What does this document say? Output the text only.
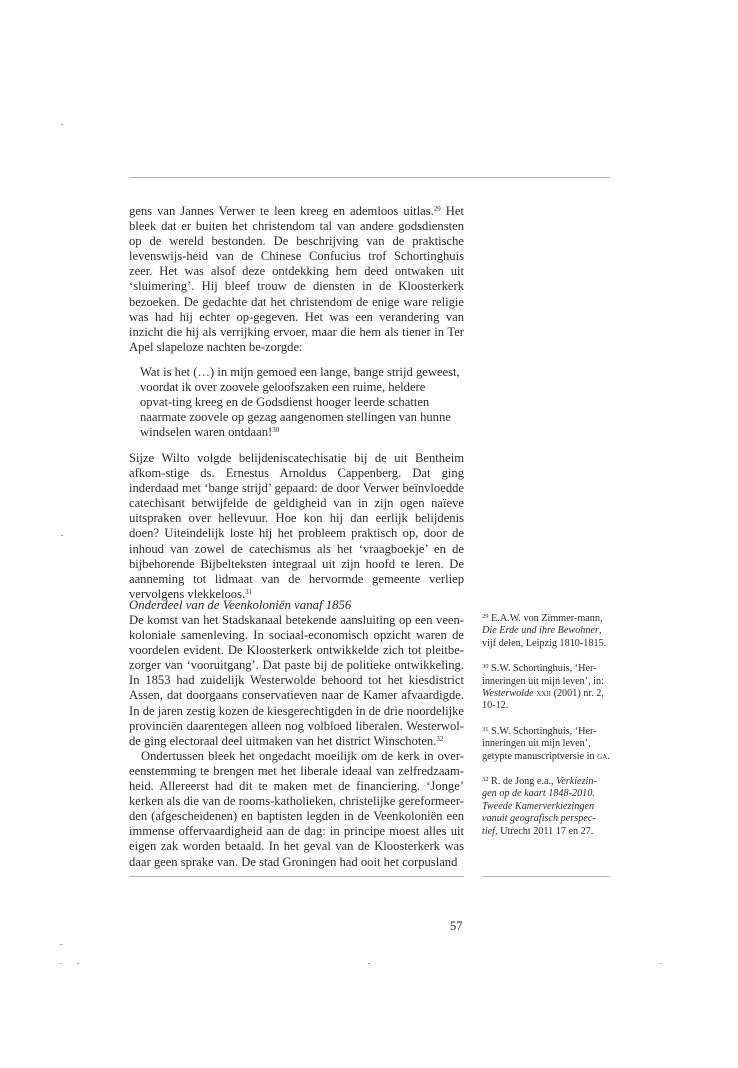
gens van Jannes Verwer te leen kreeg en ademloos uitlas.$^{29}$ Het bleek dat er buiten het christendom tal van andere godsdiensten op de wereld bestonden. De beschrijving van de praktische levenswijs-heid van de Chinese Confucius trof Schortinghuis zeer. Het was alsof deze ontdekking hem deed ontwaken uit ‘sluimering’. Hij bleef trouw de diensten in de Kloosterkerk bezoeken. De gedachte dat het christendom de enige ware religie was had hij echter op-gegeven. Het was een verandering van inzicht die hij als verrijking ervoer, maar die hem als tiener in Ter Apel slapeloze nachten be-zorgde:

Wat is het (…) in mijn gemoed een lange, bange strijd geweest, voordat ik over zoovele geloofszaken een ruime, heldere opvat-ting kreeg en de Godsdienst hooger leerde schatten naarmate zoovele op gezag aangenomen stellingen van hunne windselen waren ontdaan!$^{30}$

Sijze Wilto volgde belijdeniscatechisatie bij de uit Bentheim afkom-stige ds. Ernestus Arnoldus Cappenberg. Dat ging inderdaad met ‘bange strijd’ gepaard: de door Verwer beïnvloedde catechisant betwijfelde de geldigheid van in zijn ogen naïeve uitspraken over hellevuur. Hoe kon hij dan eerlijk belijdenis doen? Uiteindelijk loste hij het probleem praktisch op, door de inhoud van zowel de catechismus als het ‘vraagboekje’ en de bijbehorende Bijbelteksten integraal uit zijn hoofd te leren. De aanneming tot lidmaat van de hervormde gemeente verliep vervolgens vlekkeloos.$^{31}$

Onderdeel van de Veenkoloniën vanaf 1856

De komst van het Stadskanaal betekende aansluiting op een veen-koloniale samenleving. In sociaal-economisch opzicht waren de voordelen evident. De Kloosterkerk ontwikkelde zich tot pleitbe-zorger van ‘vooruitgang’. Dat paste bij de politieke ontwikkeling. In 1853 had zuidelijk Westerwolde behoord tot het kiesdistrict Assen, dat doorgaans conservatieven naar de Kamer afvaardigde. In de jaren zestig kozen de kiesgerechtigden in de drie noordelijke provinciën daarentegen alleen nog volbloed liberalen. Westerwol-de ging electoraal deel uitmaken van het district Winschoten.$^{32}$

Ondertussen bleek het ongedacht moeilijk om de kerk in over-eenstemming te brengen met het liberale ideaal van zelfredzaam-heid. Allereerst had dit te maken met de financiering. ‘Jonge’ kerken als die van de rooms-katholieken, christelijke gereformeer-den (afgescheidenen) en baptisten legden in de Veenkoloniën een immense offervaardigheid aan de dag: in principe moest alles uit eigen zak worden betaald. In het geval van de Kloosterkerk was daar geen sprake van. De stad Groningen had ooit het corpusland

$^{29}$ E.A.W. von Zimmer-mann, Die Erde und ihre Bewohner, vijf delen, Leipzig 1810-1815.
$^{30}$ S.W. Schortinghuis, ‘Her-inneringen uit mijn leven’, in: Westerwolde xxii (2001) nr. 2, 10-12.
$^{31}$ S.W. Schortinghuis, ‘Her-inneringen uit mijn leven’, getypte manuscriptversie in ga.
$^{32}$ R. de Jong e.a., Verkiezin-gen op de kaart 1848-2010. Tweede Kamerverkiezingen vanuit geografisch perspec-tief, Utrecht 2011 17 en 27.
57
